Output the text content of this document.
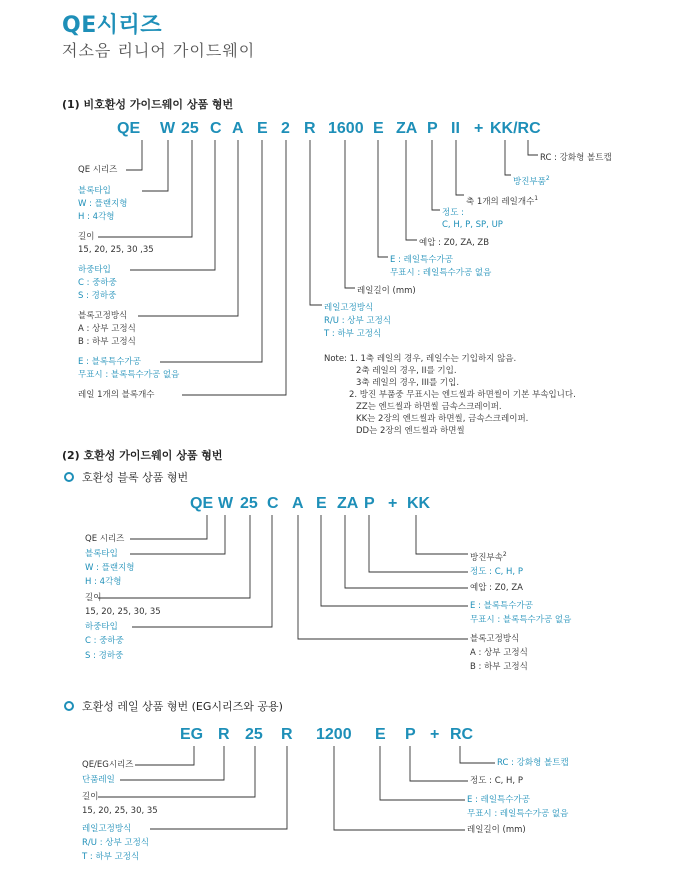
QE시리즈
저소음 리니어 가이드웨이
(1) 비호환성 가이드웨이 상품 형번
QE W 25 C A E 2 R 1600 E ZA P II + KK/RC
QE 시리즈
블록타입
W : 플랜지형
H : 4각형
길이
15, 20, 25, 30 ,35
하중타입
C : 중하중
S : 경하중
블록고정방식
A : 상부 고정식
B : 하부 고정식
E : 블록특수가공
무표시 : 블록특수가공 없음
레일 1개의 블록개수
RC : 강화형 볼트캡
방진부품$^2$
축 1개의 레일개수$^1$
정도 :
C, H, P, SP, UP
예압 : Z0, ZA, ZB
E : 레일특수가공
무표시 : 레일특수가공 없음
레일길이 (mm)
레일고정방식
R/U : 상부 고정식
T : 하부 고정식
Note: 1. 1축 레일의 경우, 레일수는 기입하지 않음.
2축 레일의 경우, II를 기입.
3축 레일의 경우, III를 기입.
2. 방진 부품중 무표시는 엔드씰과 하면씰이 기본 부속입니다.
ZZ는 엔드씰과 하면씰 금속스크레이퍼.
KK는 2장의 엔드씰과 하면씰, 금속스크레이퍼.
DD는 2장의 엔드씰과 하면씰
(2) 호환성 가이드웨이 상품 형번
호환성 블록 상품 형번
QE W 25 C A E ZA P + KK
QE 시리즈
블록타입
W : 플랜지형
H : 4각형
길이
15, 20, 25, 30, 35
하중타입
C : 중하중
S : 경하중
방진부속$^2$
정도 : C, H, P
예압 : Z0, ZA
E : 블록특수가공
무표시 : 블록특수가공 없음
블록고정방식
A : 상부 고정식
B : 하부 고정식
호환성 레일 상품 형번 (EG시리즈와 공용)
EG R 25 R 1200 E P + RC
QE/EG시리즈
단품레일
길이
15, 20, 25, 30, 35
레일고정방식
R/U : 상부 고정식
T : 하부 고정식
RC : 강화형 볼트캡
정도 : C, H, P
E : 레일특수가공
무표시 : 레일특수가공 없음
레일길이 (mm)
